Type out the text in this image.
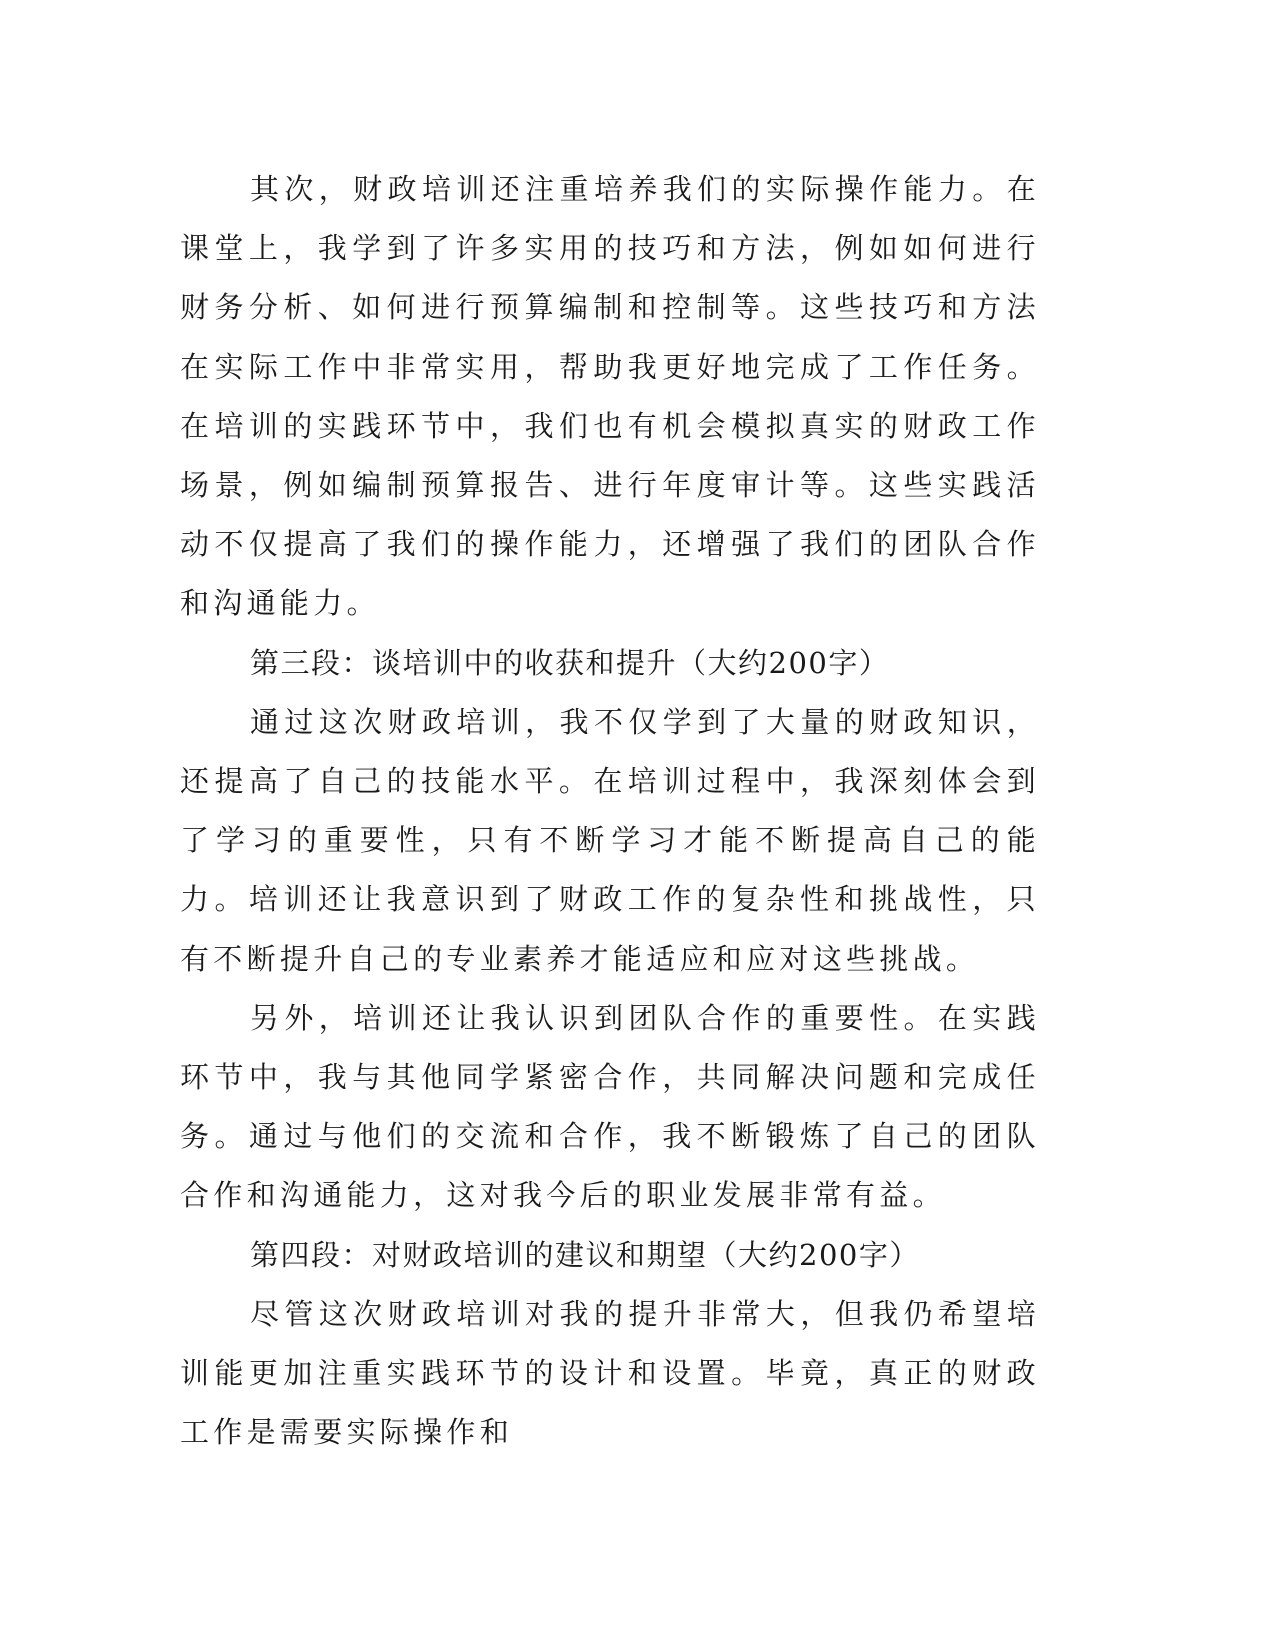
其次，财政培训还注重培养我们的实际操作能力。在课堂上，我学到了许多实用的技巧和方法，例如如何进行财务分析、如何进行预算编制和控制等。这些技巧和方法在实际工作中非常实用，帮助我更好地完成了工作任务。在培训的实践环节中，我们也有机会模拟真实的财政工作场景，例如编制预算报告、进行年度审计等。这些实践活动不仅提高了我们的操作能力，还增强了我们的团队合作和沟通能力。

第三段：谈培训中的收获和提升（大约200字）

通过这次财政培训，我不仅学到了大量的财政知识，还提高了自己的技能水平。在培训过程中，我深刻体会到了学习的重要性，只有不断学习才能不断提高自己的能力。培训还让我意识到了财政工作的复杂性和挑战性，只有不断提升自己的专业素养才能适应和应对这些挑战。

另外，培训还让我认识到团队合作的重要性。在实践环节中，我与其他同学紧密合作，共同解决问题和完成任务。通过与他们的交流和合作，我不断锻炼了自己的团队合作和沟通能力，这对我今后的职业发展非常有益。

第四段：对财政培训的建议和期望（大约200字）

尽管这次财政培训对我的提升非常大，但我仍希望培训能更加注重实践环节的设计和设置。毕竟，真正的财政工作是需要实际操作和
